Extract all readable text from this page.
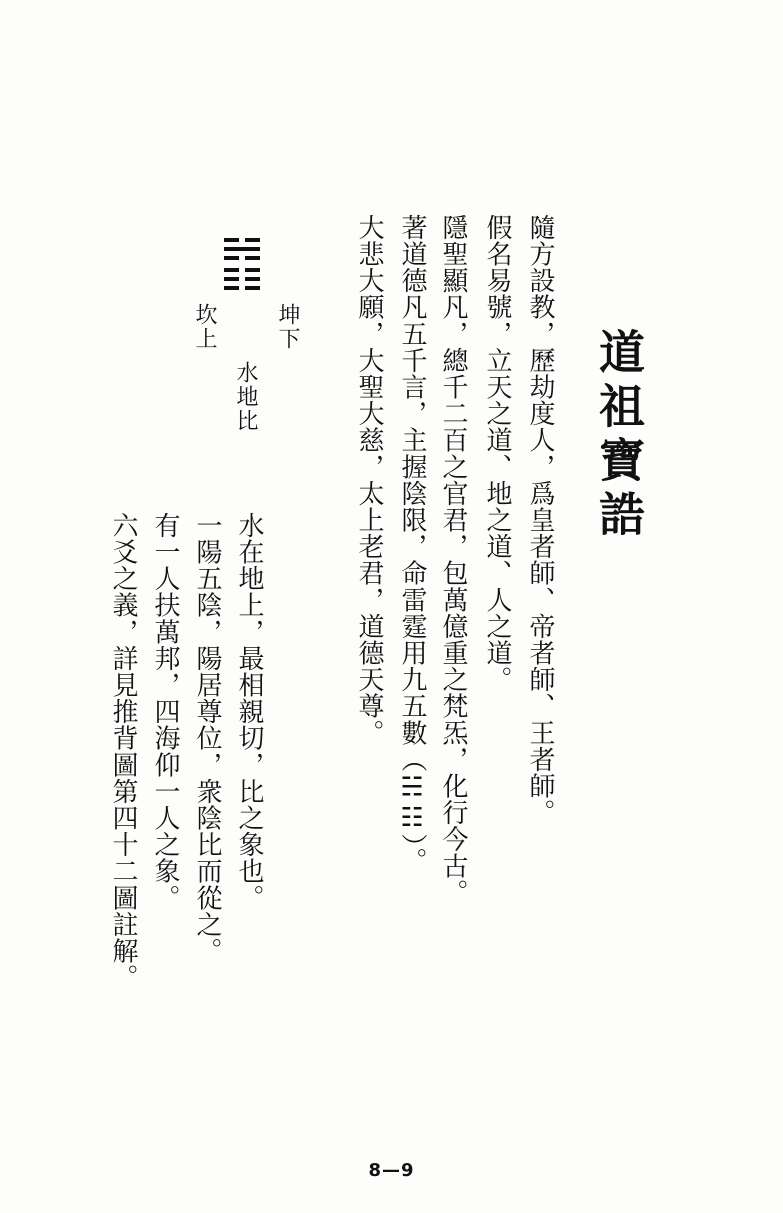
道祖寶誥
隨方設教，歷劫度人，爲皇者師、帝者師、王者師。
假名易號，立天之道、地之道、人之道。
隱聖顯凡，總千二百之官君，包萬億重之梵炁，化行今古。
著道德凡五千言，主握陰限，命雷霆用九五數（☵☷）。
大悲大願，大聖大慈，太上老君，道德天尊。
坤下
坎上
水地比
水在地上，最相親切，比之象也。
一陽五陰，陽居尊位，衆陰比而從之。
有一人扶萬邦，四海仰一人之象。
六爻之義，詳見推背圖第四十二圖註解。
8—9
